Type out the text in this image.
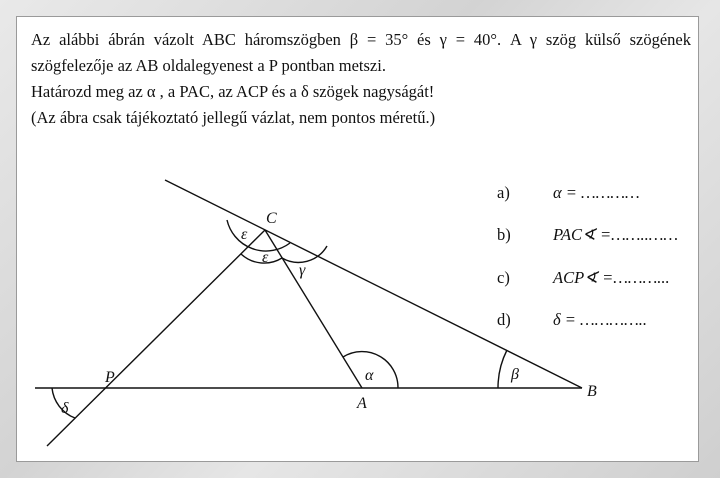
Az alábbi ábrán vázolt ABC háromszögben β = 35° és γ = 40°. A γ szög külső szögének

szögfelezője az AB oldalegyenest a P pontban metszi.

Határozd meg az α , a PAC, az ACP és a δ szögek nagyságát!

(Az ábra csak tájékoztató jellegű vázlat, nem pontos méretű.)

a)	α = …………
b)	PAC∢ =……..……
c)	ACP∢ =………...
d)	δ = …………..
C
P
A
B
ε
ε
γ
α	β
δ
